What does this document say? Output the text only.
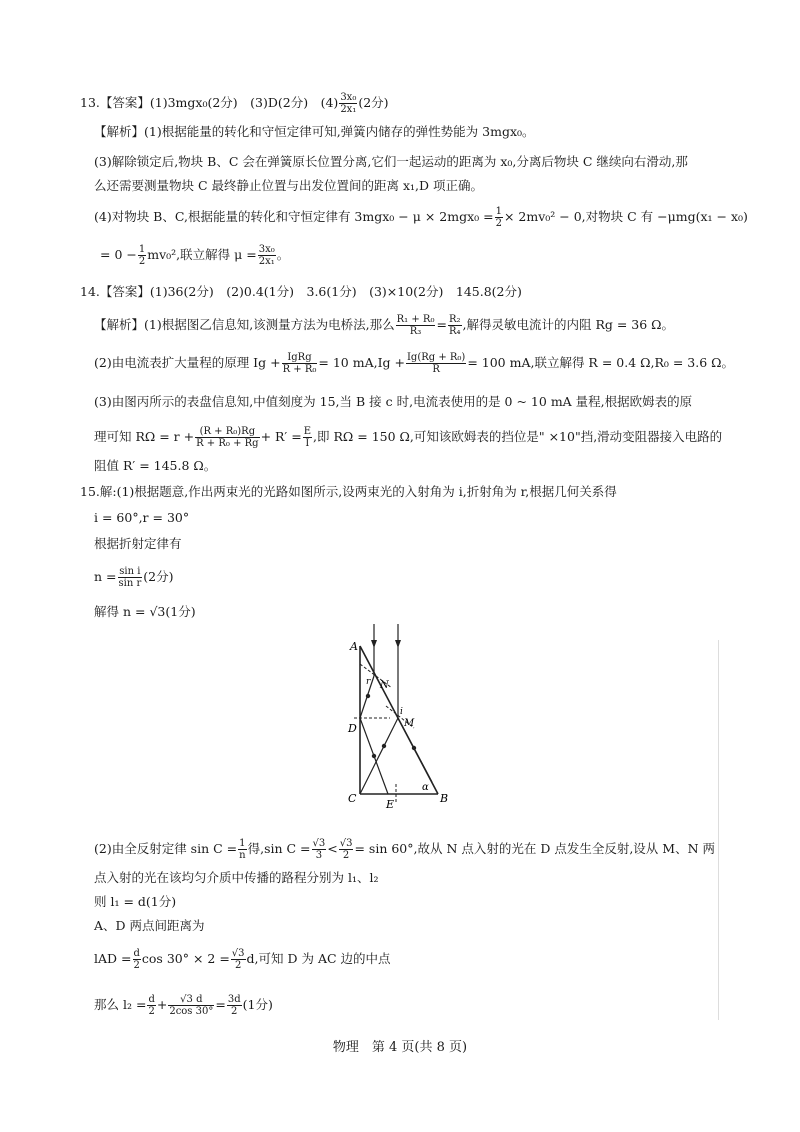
13.【答案】(1)3mgx₀(2分)　(3)D(2分)　$(4) \frac{\text{3x₀}}{\text{2x₁}} (2$分)
【解析】(1)根据能量的转化和守恒定律可知,弹簧内储存的弹性势能为 3mgx₀。
(3)解除锁定后,物块 B、C 会在弹簧原长位置分离,它们一起运动的距离为 x₀,分离后物块 C 继续向右滑动,那
么还需要测量物块 C 最终静止位置与出发位置间的距离 x₁,D 项正确。
(4)对物块 B、C,根据能量的转化和守恒定律有 $3mgx_0 - \mu \times 2mgx_0 = \frac{1}{2} \times 2mv_0^2 - 0$,对物块 C 有 −μmg(x₁ − x₀)
= $0 - \frac{1}{2} mv_0^2$,联立解得 $\mu = \frac{\text{3x₀}}{\text{2x₁}}$ 。
14.【答案】(1)36(2分)　(2)0.4(1分)　3.6(1分)　(3)×10(2分)　145.8(2分)
【解析】(1)根据图乙信息知,该测量方法为电桥法,那么 $\frac{\text{R₁ + R₀}}{\text{R₃}} = \frac{\text{R₂}}{\text{R₄}}$ ,解得灵敏电流计的内阻 Rg = 36 Ω。
(2)由电流表扩大量程的原理 $Ig + \frac{\text{IgRg}}{\text{R + R₀}} = 10$ $mA,Ig + \frac{\text{Ig(Rg + R₀)}}{R} = 100$ mA,联立解得 R = 0.4 Ω,R₀ = 3.6 Ω。
(3)由图丙所示的表盘信息知,中值刻度为 15,当 B 接 c 时,电流表使用的是 0 ~ 10 mA 量程,根据欧姆表的原
理可知 $R\Omega = r + \frac{\text{(R + R₀)Rg}}{\text{R + R₀ + Rg}} + R' = \frac{E}{I}$ ,即 RΩ = 150 Ω,可知该欧姆表的挡位是" ×10"挡,滑动变阻器接入电路的
阻值 R′ = 145.8 Ω。
15.解:(1)根据题意,作出两束光的光路如图所示,设两束光的入射角为 i,折射角为 r,根据几何关系得
i = 60°,r = 30°
根据折射定律有
$n = \frac{\text{sin i}}{\text{sin r}} (2$分)
解得 n = √3(1分)
A
D
C	E	B
N
M
i
r
α
(2)由全反射定律 $\sin C = \frac{1}{n}$ 得,sin $C = \frac{√3}{3} < \frac{√3}{2} = \sin 60^\circ$,故从 N 点入射的光在 D 点发生全反射,设从 M、N 两
点入射的光在该均匀介质中传播的路程分别为 l₁、l₂
则 l₁ = d(1分)
A、D 两点间距离为
lAD = $\frac{d}{2}$ $\cos 30^\circ \times 2 = \frac{√3}{2} d$,可知 D 为 AC 边的中点
那么 $l_2 = \frac{d}{2} + \frac{√3 d}{2\cos 30^\circ} = \frac{3d}{2} (1$分)
物理　第 4 页(共 8 页)
